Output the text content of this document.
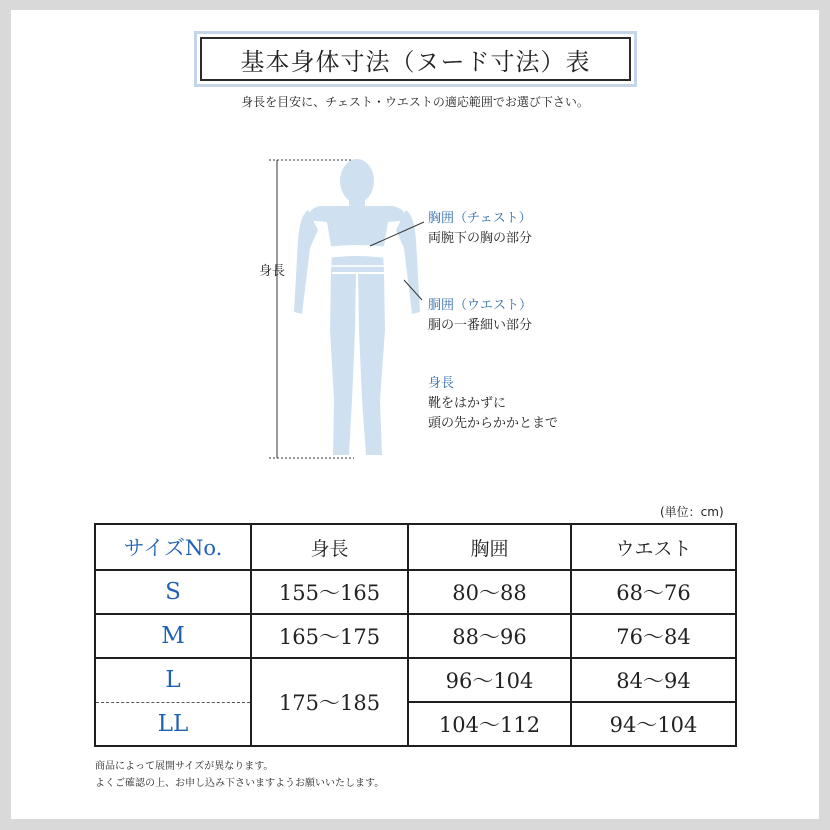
基本身体寸法（ヌード寸法）表
身長を目安に、チェスト・ウエストの適応範囲でお選び下さい。
身長
胸囲（チェスト）
両腕下の胸の部分
胴囲（ウエスト）
胴の一番細い部分
身長
靴をはかずに
頭の先からかかとまで
(単位：cm)
サイズNo.	身長	胸囲	ウエスト
S	155〜165	80〜88	68〜76
M	165〜175	88〜96	76〜84
L	175〜185	96〜104	84〜94
LL		104〜112	94〜104
商品によって展開サイズが異なります。
よくご確認の上、お申し込み下さいますようお願いいたします。
